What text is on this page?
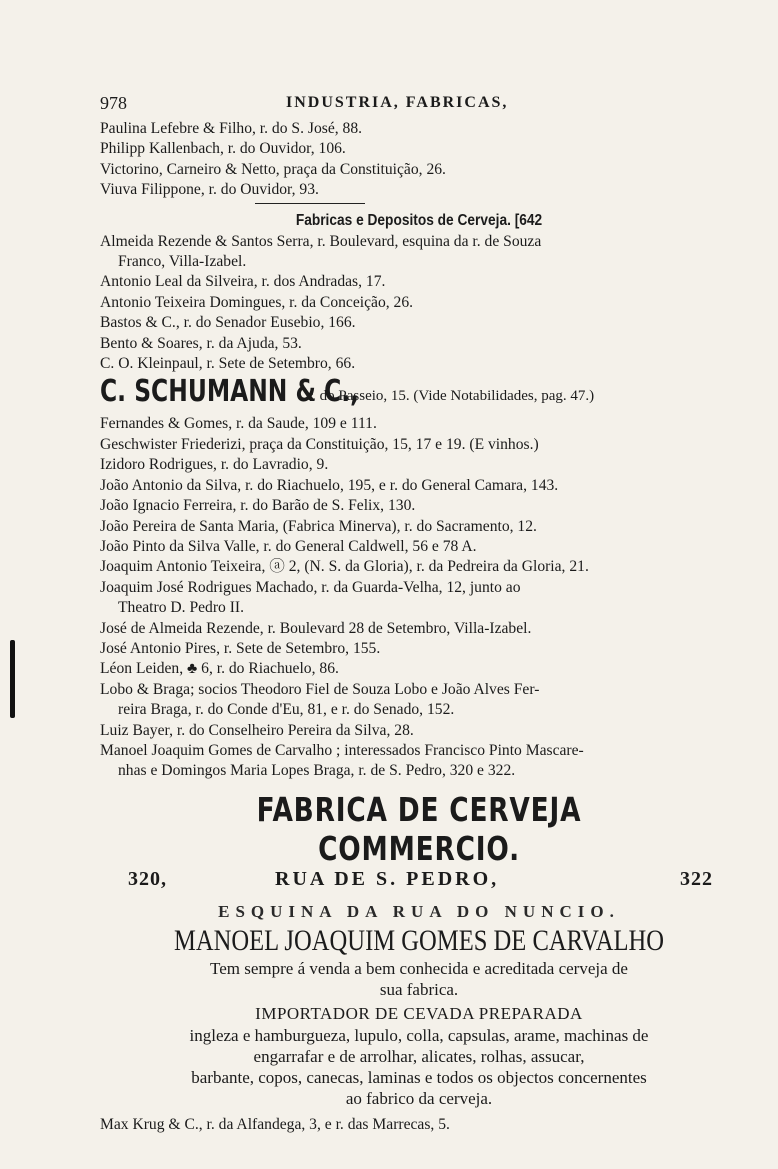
978	INDUSTRIA, FABRICAS,
Paulina Lefebre & Filho, r. do S. José, 88.
Philipp Kallenbach, r. do Ouvidor, 106.
Victorino, Carneiro & Netto, praça da Constituição, 26.
Viuva Filippone, r. do Ouvidor, 93.
Fabricas e Depositos de Cerveja. [642
Almeida Rezende & Santos Serra, r. Boulevard, esquina da r. de Souza
Franco, Villa-Izabel.
Antonio Leal da Silveira, r. dos Andradas, 17.
Antonio Teixeira Domingues, r. da Conceição, 26.
Bastos & C., r. do Senador Eusebio, 166.
Bento & Soares, r. da Ajuda, 53.
C. O. Kleinpaul, r. Sete de Setembro, 66.
C. SCHUMANN & C.,
r. do Passeio, 15. (Vide Notabilidades, pag. 47.)
Fernandes & Gomes, r. da Saude, 109 e 111.
Geschwister Friederizi, praça da Constituição, 15, 17 e 19. (E vinhos.)
Izidoro Rodrigues, r. do Lavradio, 9.
João Antonio da Silva, r. do Riachuelo, 195, e r. do General Camara, 143.
João Ignacio Ferreira, r. do Barão de S. Felix, 130.
João Pereira de Santa Maria, (Fabrica Minerva), r. do Sacramento, 12.
João Pinto da Silva Valle, r. do General Caldwell, 56 e 78 A.
Joaquim Antonio Teixeira, ⓐ 2, (N. S. da Gloria), r. da Pedreira da Gloria, 21.
Joaquim José Rodrigues Machado, r. da Guarda-Velha, 12, junto ao
Theatro D. Pedro II.
José de Almeida Rezende, r. Boulevard 28 de Setembro, Villa-Izabel.
José Antonio Pires, r. Sete de Setembro, 155.
Léon Leiden, ♣ 6, r. do Riachuelo, 86.
Lobo & Braga; socios Theodoro Fiel de Souza Lobo e João Alves Fer-
reira Braga, r. do Conde d'Eu, 81, e r. do Senado, 152.
Luiz Bayer, r. do Conselheiro Pereira da Silva, 28.
Manoel Joaquim Gomes de Carvalho ; interessados Francisco Pinto Mascare-
nhas e Domingos Maria Lopes Braga, r. de S. Pedro, 320 e 322.
FABRICA DE CERVEJA COMMERCIO.
320,	RUA DE S. PEDRO,	322
ESQUINA DA RUA DO NUNCIO.
MANOEL JOAQUIM GOMES DE CARVALHO
Tem sempre á venda a bem conhecida e acreditada cerveja de
sua fabrica.
IMPORTADOR DE CEVADA PREPARADA
ingleza e hamburgueza, lupulo, colla, capsulas, arame, machinas de
engarrafar e de arrolhar, alicates, rolhas, assucar,
barbante, copos, canecas, laminas e todos os objectos concernentes
ao fabrico da cerveja.
Max Krug & C., r. da Alfandega, 3, e r. das Marrecas, 5.
